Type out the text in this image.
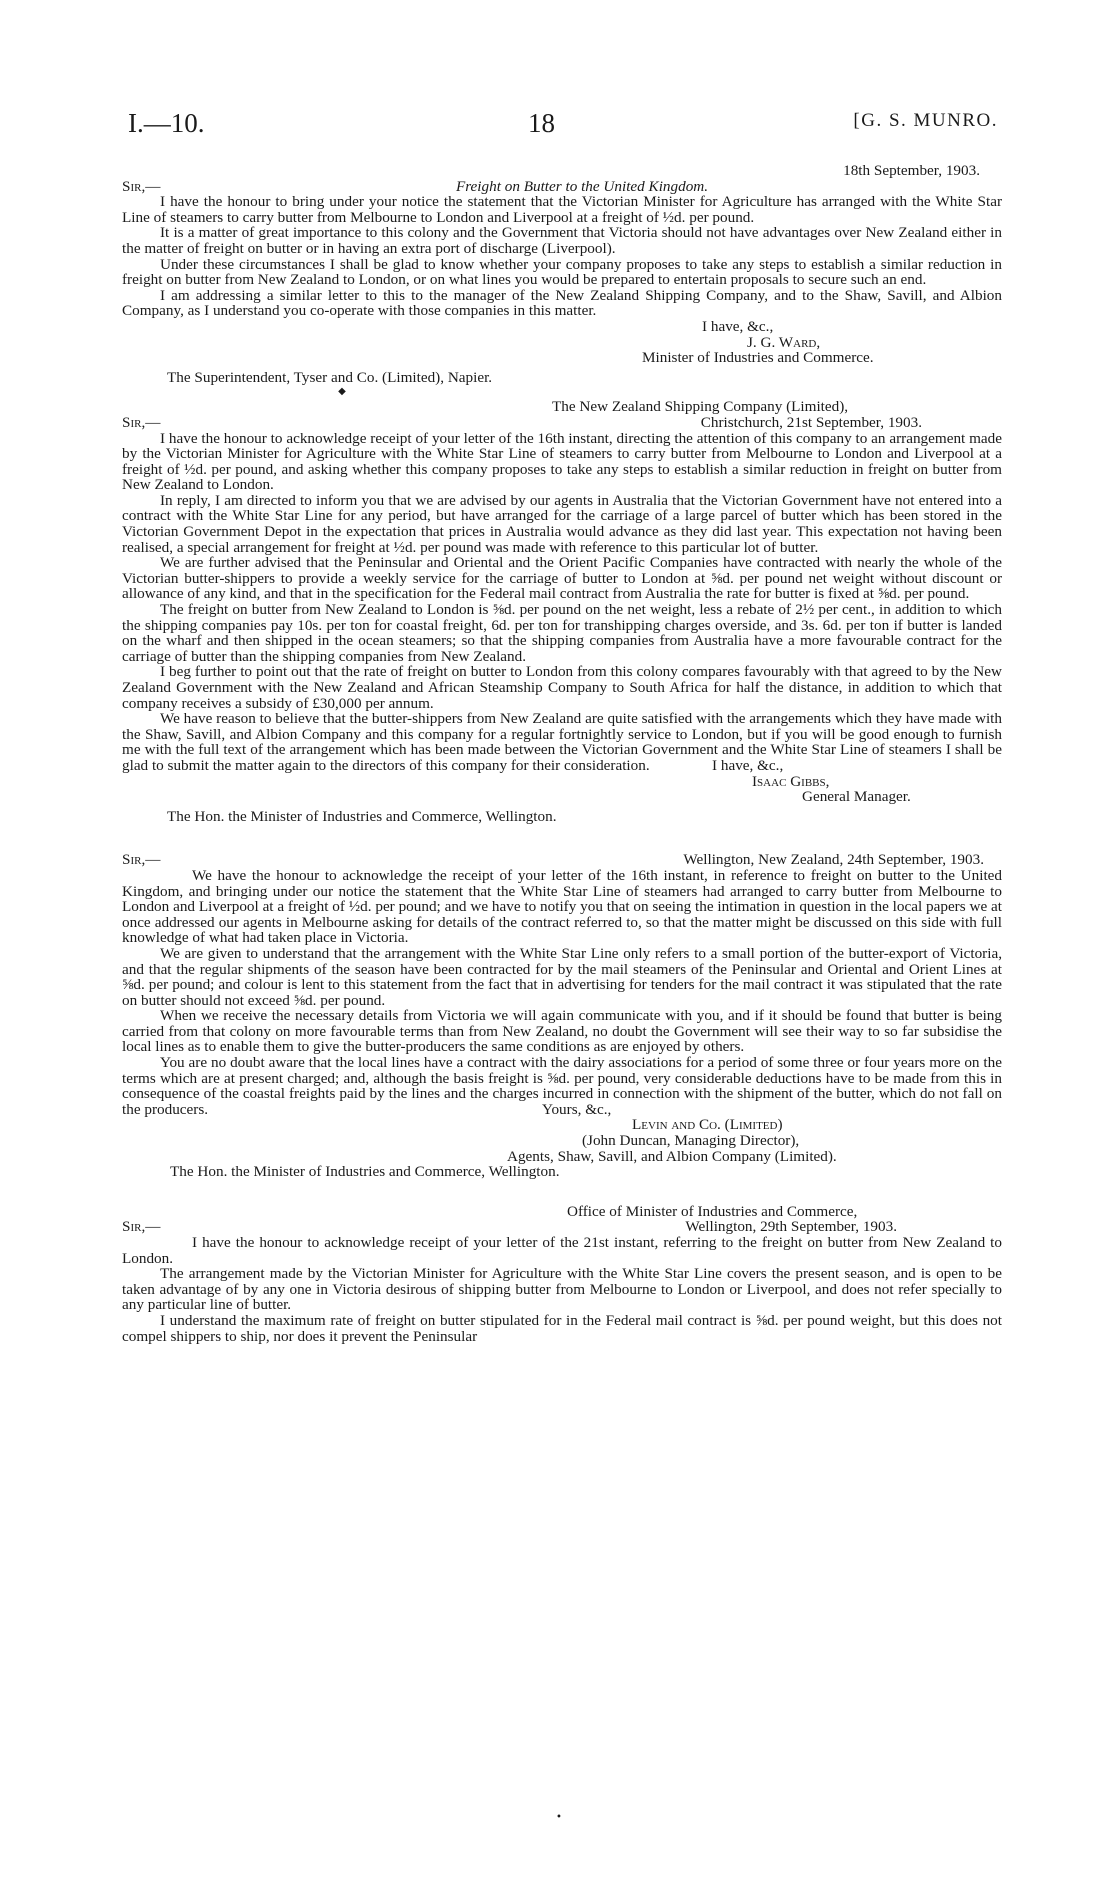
I.—10.	18	[G. S. MUNRO.
18th September, 1903.
Sir,—	Freight on Butter to the United Kingdom.

I have the honour to bring under your notice the statement that the Victorian Minister for Agriculture has arranged with the White Star Line of steamers to carry butter from Melbourne to London and Liverpool at a freight of ½d. per pound.

It is a matter of great importance to this colony and the Government that Victoria should not have advantages over New Zealand either in the matter of freight on butter or in having an extra port of discharge (Liverpool).

Under these circumstances I shall be glad to know whether your company proposes to take any steps to establish a similar reduction in freight on butter from New Zealand to London, or on what lines you would be prepared to entertain proposals to secure such an end.

I am addressing a similar letter to this to the manager of the New Zealand Shipping Company, and to the Shaw, Savill, and Albion Company, as I understand you co-operate with those companies in this matter.

I have, &c.,
J. G. Ward,
Minister of Industries and Commerce.
The Superintendent, Tyser and Co. (Limited), Napier.
◆
The New Zealand Shipping Company (Limited),
Sir,—	Christchurch, 21st September, 1903.

I have the honour to acknowledge receipt of your letter of the 16th instant, directing the attention of this company to an arrangement made by the Victorian Minister for Agriculture with the White Star Line of steamers to carry butter from Melbourne to London and Liverpool at a freight of ½d. per pound, and asking whether this company proposes to take any steps to establish a similar reduction in freight on butter from New Zealand to London.

In reply, I am directed to inform you that we are advised by our agents in Australia that the Victorian Government have not entered into a contract with the White Star Line for any period, but have arranged for the carriage of a large parcel of butter which has been stored in the Victorian Government Depot in the expectation that prices in Australia would advance as they did last year. This expectation not having been realised, a special arrangement for freight at ½d. per pound was made with reference to this particular lot of butter.

We are further advised that the Peninsular and Oriental and the Orient Pacific Companies have contracted with nearly the whole of the Victorian butter-shippers to provide a weekly service for the carriage of butter to London at ⅝d. per pound net weight without discount or allowance of any kind, and that in the specification for the Federal mail contract from Australia the rate for butter is fixed at ⅝d. per pound.

The freight on butter from New Zealand to London is ⅝d. per pound on the net weight, less a rebate of 2½ per cent., in addition to which the shipping companies pay 10s. per ton for coastal freight, 6d. per ton for transhipping charges overside, and 3s. 6d. per ton if butter is landed on the wharf and then shipped in the ocean steamers; so that the shipping companies from Australia have a more favourable contract for the carriage of butter than the shipping companies from New Zealand.

I beg further to point out that the rate of freight on butter to London from this colony compares favourably with that agreed to by the New Zealand Government with the New Zealand and African Steamship Company to South Africa for half the distance, in addition to which that company receives a subsidy of £30,000 per annum.

We have reason to believe that the butter-shippers from New Zealand are quite satisfied with the arrangements which they have made with the Shaw, Savill, and Albion Company and this company for a regular fortnightly service to London, but if you will be good enough to furnish me with the full text of the arrangement which has been made between the Victorian Government and the White Star Line of steamers I shall be glad to submit the matter again to the directors of this company for their consideration.	I have, &c.,
Isaac Gibbs,
General Manager.
The Hon. the Minister of Industries and Commerce, Wellington.
Sir,—	Wellington, New Zealand, 24th September, 1903.

We have the honour to acknowledge the receipt of your letter of the 16th instant, in reference to freight on butter to the United Kingdom, and bringing under our notice the statement that the White Star Line of steamers had arranged to carry butter from Melbourne to London and Liverpool at a freight of ½d. per pound; and we have to notify you that on seeing the intimation in question in the local papers we at once addressed our agents in Melbourne asking for details of the contract referred to, so that the matter might be discussed on this side with full knowledge of what had taken place in Victoria.

We are given to understand that the arrangement with the White Star Line only refers to a small portion of the butter-export of Victoria, and that the regular shipments of the season have been contracted for by the mail steamers of the Peninsular and Oriental and Orient Lines at ⅝d. per pound; and colour is lent to this statement from the fact that in advertising for tenders for the mail contract it was stipulated that the rate on butter should not exceed ⅝d. per pound.

When we receive the necessary details from Victoria we will again communicate with you, and if it should be found that butter is being carried from that colony on more favourable terms than from New Zealand, no doubt the Government will see their way to so far subsidise the local lines as to enable them to give the butter-producers the same conditions as are enjoyed by others.

You are no doubt aware that the local lines have a contract with the dairy associations for a period of some three or four years more on the terms which are at present charged; and, although the basis freight is ⅝d. per pound, very considerable deductions have to be made from this in consequence of the coastal freights paid by the lines and the charges incurred in connection with the shipment of the butter, which do not fall on the producers.	Yours, &c.,
Levin and Co. (Limited)
(John Duncan, Managing Director),
Agents, Shaw, Savill, and Albion Company (Limited).
The Hon. the Minister of Industries and Commerce, Wellington.
Office of Minister of Industries and Commerce,
Sir,—	Wellington, 29th September, 1903.

I have the honour to acknowledge receipt of your letter of the 21st instant, referring to the freight on butter from New Zealand to London.

The arrangement made by the Victorian Minister for Agriculture with the White Star Line covers the present season, and is open to be taken advantage of by any one in Victoria desirous of shipping butter from Melbourne to London or Liverpool, and does not refer specially to any particular line of butter.

I understand the maximum rate of freight on butter stipulated for in the Federal mail contract is ⅝d. per pound weight, but this does not compel shippers to ship, nor does it prevent the Peninsular

•
